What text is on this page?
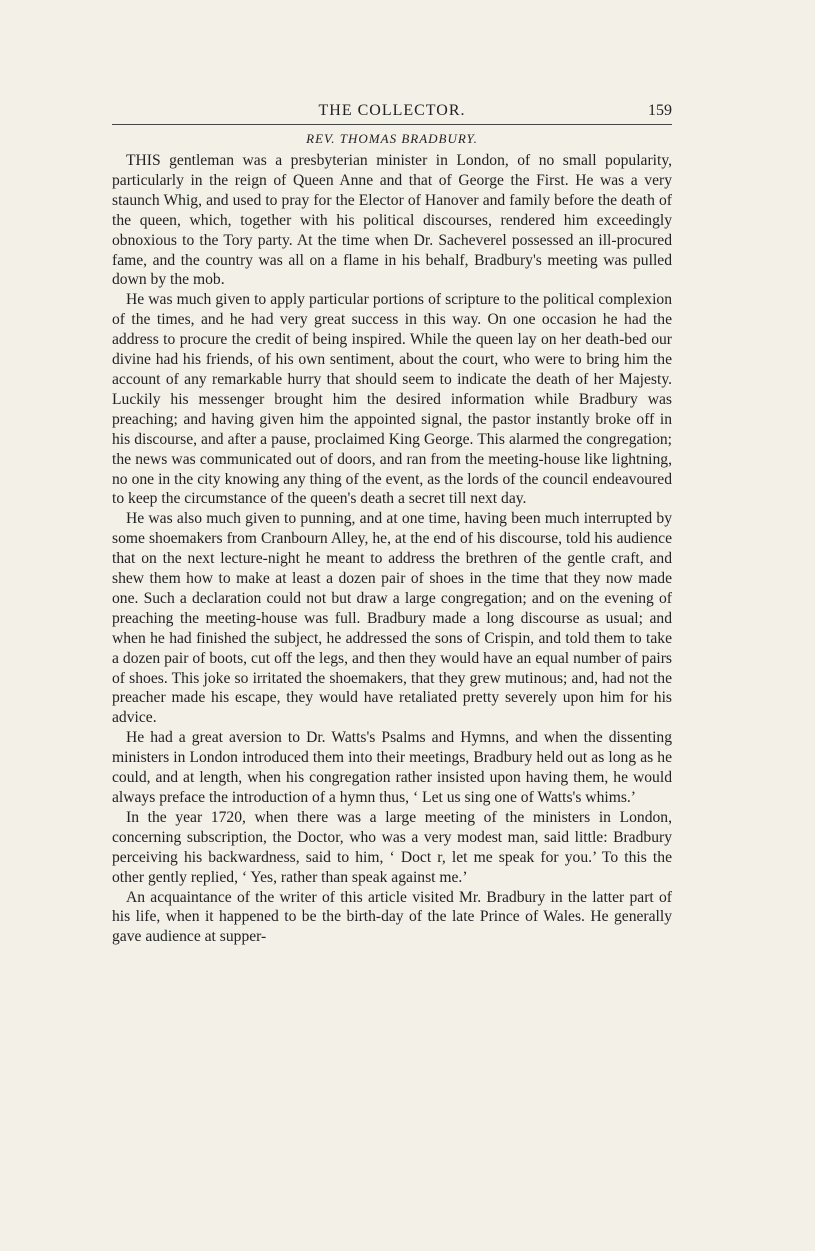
THE COLLECTOR.	159
REV. THOMAS BRADBURY.

THIS gentleman was a presbyterian minister in London, of no small popularity, particularly in the reign of Queen Anne and that of George the First. He was a very staunch Whig, and used to pray for the Elector of Hanover and family before the death of the queen, which, together with his political discourses, rendered him exceedingly obnoxious to the Tory party. At the time when Dr. Sacheverel possessed an ill-procured fame, and the country was all on a flame in his behalf, Bradbury's meeting was pulled down by the mob.

He was much given to apply particular portions of scripture to the political complexion of the times, and he had very great success in this way. On one occasion he had the address to procure the credit of being inspired. While the queen lay on her death-bed our divine had his friends, of his own sentiment, about the court, who were to bring him the account of any remarkable hurry that should seem to indicate the death of her Majesty. Luckily his messenger brought him the desired information while Bradbury was preaching; and having given him the appointed signal, the pastor instantly broke off in his discourse, and after a pause, proclaimed King George. This alarmed the congregation; the news was communicated out of doors, and ran from the meeting-house like lightning, no one in the city knowing any thing of the event, as the lords of the council endeavoured to keep the circumstance of the queen's death a secret till next day.

He was also much given to punning, and at one time, having been much interrupted by some shoemakers from Cranbourn Alley, he, at the end of his discourse, told his audience that on the next lecture-night he meant to address the brethren of the gentle craft, and shew them how to make at least a dozen pair of shoes in the time that they now made one. Such a declaration could not but draw a large congregation; and on the evening of preaching the meeting-house was full. Bradbury made a long discourse as usual; and when he had finished the subject, he addressed the sons of Crispin, and told them to take a dozen pair of boots, cut off the legs, and then they would have an equal number of pairs of shoes. This joke so irritated the shoemakers, that they grew mutinous; and, had not the preacher made his escape, they would have retaliated pretty severely upon him for his advice.

He had a great aversion to Dr. Watts's Psalms and Hymns, and when the dissenting ministers in London introduced them into their meetings, Bradbury held out as long as he could, and at length, when his congregation rather insisted upon having them, he would always preface the introduction of a hymn thus, ‘ Let us sing one of Watts's whims.’

In the year 1720, when there was a large meeting of the ministers in London, concerning subscription, the Doctor, who was a very modest man, said little: Bradbury perceiving his backwardness, said to him, ‘ Doct r, let me speak for you.’ To this the other gently replied, ‘ Yes, rather than speak against me.’

An acquaintance of the writer of this article visited Mr. Bradbury in the latter part of his life, when it happened to be the birth-day of the late Prince of Wales. He generally gave audience at supper-
